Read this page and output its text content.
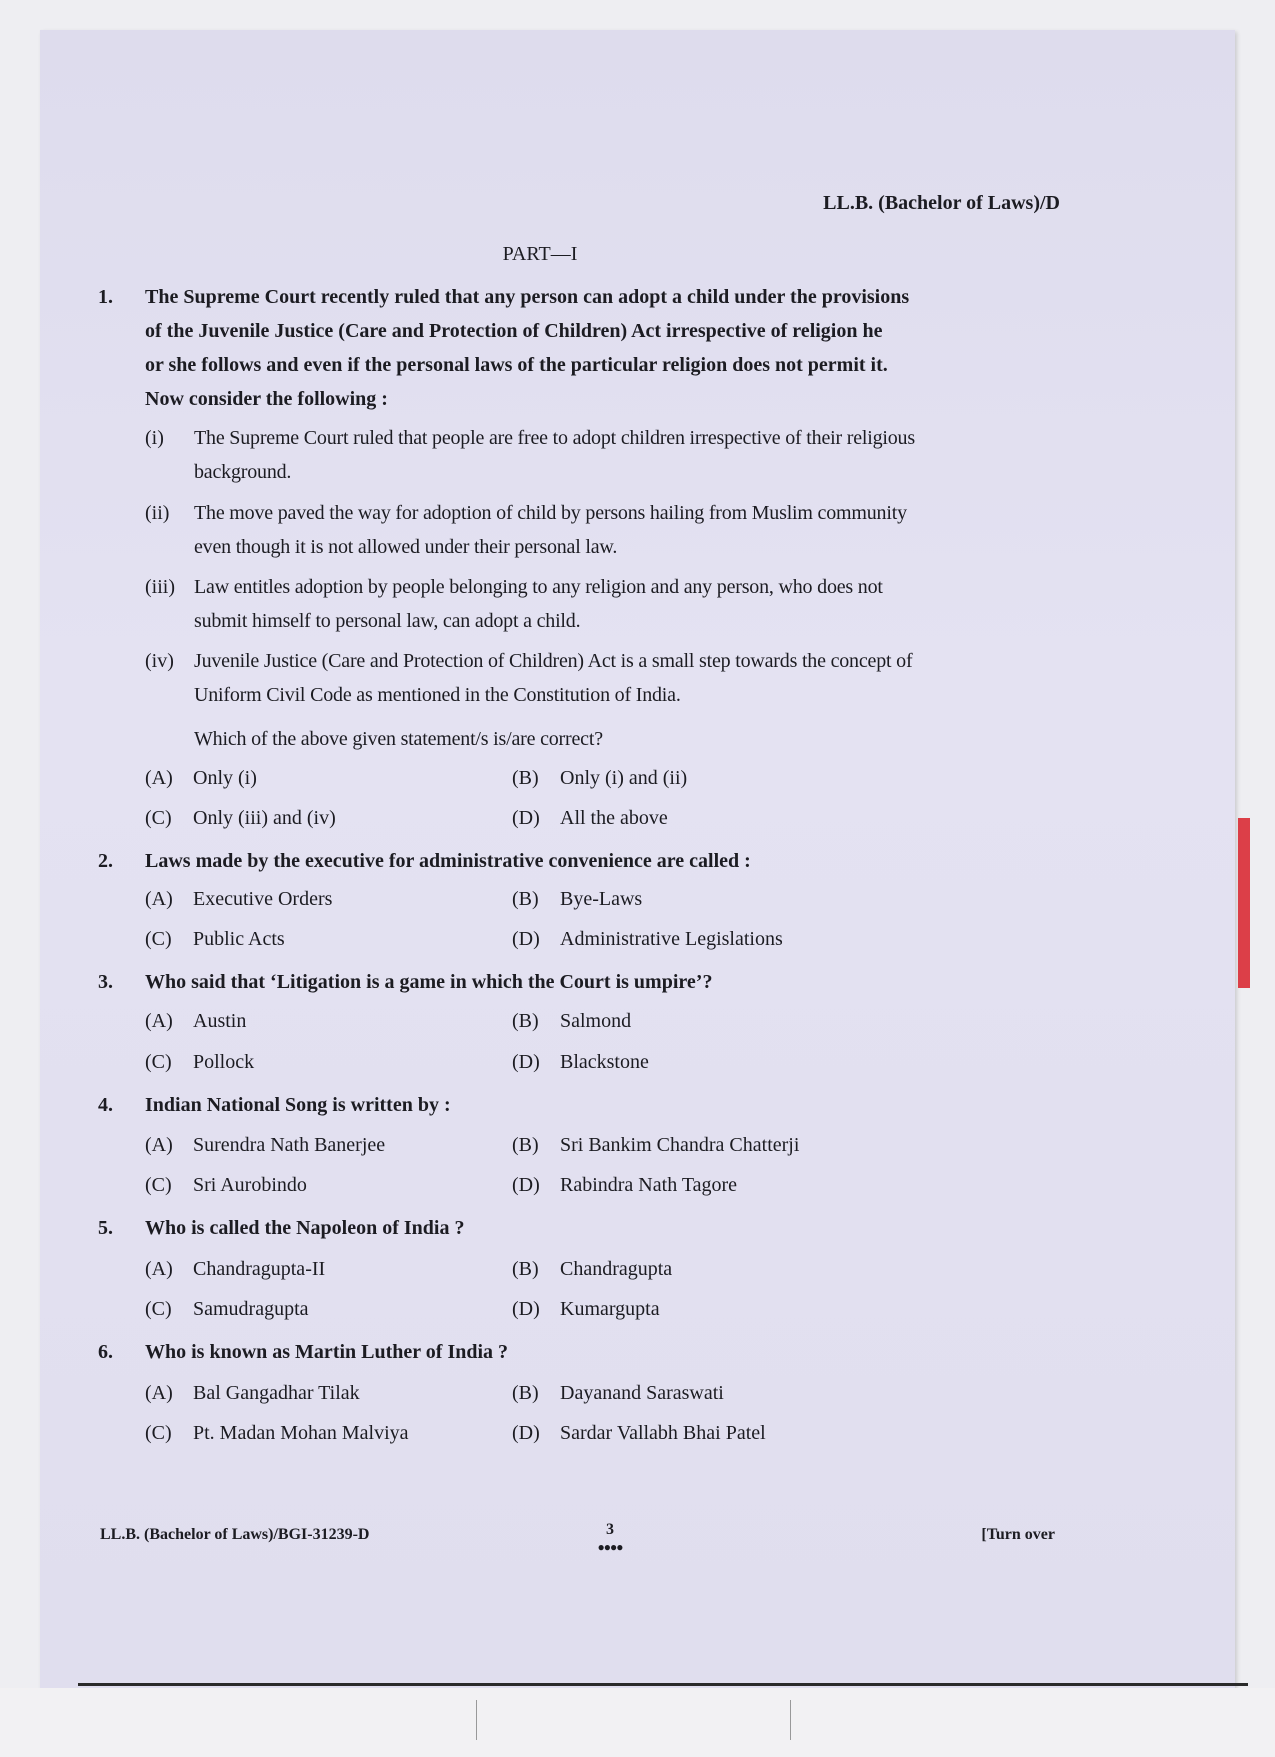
LL.B. (Bachelor of Laws)/D
PART—I
1. The Supreme Court recently ruled that any person can adopt a child under the provisions
of the Juvenile Justice (Care and Protection of Children) Act irrespective of religion he
or she follows and even if the personal laws of the particular religion does not permit it.
Now consider the following :
(i) The Supreme Court ruled that people are free to adopt children irrespective of their religious
background.
(ii) The move paved the way for adoption of child by persons hailing from Muslim community
even though it is not allowed under their personal law.
(iii) Law entitles adoption by people belonging to any religion and any person, who does not
submit himself to personal law, can adopt a child.
(iv) Juvenile Justice (Care and Protection of Children) Act is a small step towards the concept of
Uniform Civil Code as mentioned in the Constitution of India.
Which of the above given statement/s is/are correct?
(A) Only (i)	(B) Only (i) and (ii)
(C) Only (iii) and (iv)	(D) All the above
2. Laws made by the executive for administrative convenience are called :
(A) Executive Orders	(B) Bye-Laws
(C) Public Acts	(D) Administrative Legislations
3. Who said that ‘Litigation is a game in which the Court is umpire’?
(A) Austin	(B) Salmond
(C) Pollock	(D) Blackstone
4. Indian National Song is written by :
(A) Surendra Nath Banerjee	(B) Sri Bankim Chandra Chatterji
(C) Sri Aurobindo	(D) Rabindra Nath Tagore
5. Who is called the Napoleon of India ?
(A) Chandragupta-II	(B) Chandragupta
(C) Samudragupta	(D) Kumargupta
6. Who is known as Martin Luther of India ?
(A) Bal Gangadhar Tilak	(B) Dayanand Saraswati
(C) Pt. Madan Mohan Malviya	(D) Sardar Vallabh Bhai Patel
LL.B. (Bachelor of Laws)/BGI-31239-D	3
●●●●
[Turn over
